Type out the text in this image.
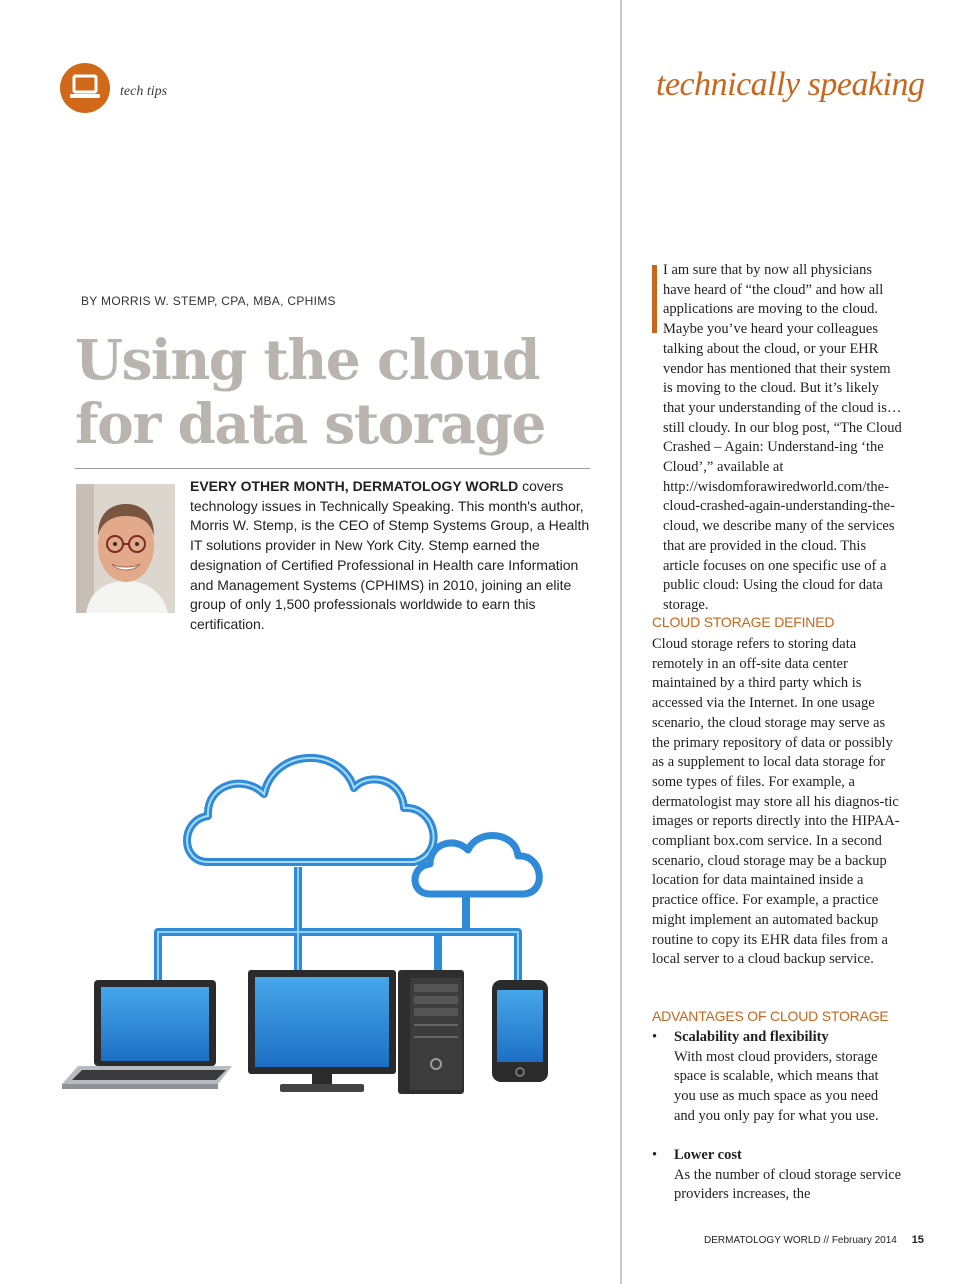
tech tips	technically speaking
BY MORRIS W. STEMP, CPA, MBA, CPHIMS
Using the cloud
for data storage
EVERY OTHER MONTH, DERMATOLOGY WORLD covers technology issues in Technically Speaking. This month's author, Morris W. Stemp, is the CEO of Stemp Systems Group, a Health IT solutions provider in New York City. Stemp earned the designation of Certified Professional in Health care Information and Management Systems (CPHIMS) in 2010, joining an elite group of only 1,500 professionals worldwide to earn this certification.
I am sure that by now all physicians have heard of “the cloud” and how all applications are moving to the cloud. Maybe you’ve heard your colleagues talking about the cloud, or your EHR vendor has mentioned that their system is moving to the cloud. But it’s likely that your understanding of the cloud is…still cloudy. In our blog post, “The Cloud Crashed – Again: Understand-ing ‘the Cloud’,” available at http://wisdomforawiredworld.com/the-cloud-crashed-again-understanding-the-cloud, we describe many of the services that are provided in the cloud. This article focuses on one specific use of a public cloud: Using the cloud for data storage.
CLOUD STORAGE DEFINED
Cloud storage refers to storing data remotely in an off-site data center maintained by a third party which is accessed via the Internet. In one usage scenario, the cloud storage may serve as the primary repository of data or possibly as a supplement to local data storage for some types of files. For example, a dermatologist may store all his diagnos-tic images or reports directly into the HIPAA-compliant box.com service. In a second scenario, cloud storage may be a backup location for data maintained inside a practice office. For example, a practice might implement an automated backup routine to copy its EHR data files from a local server to a cloud backup service.
ADVANTAGES OF CLOUD STORAGE
• Scalability and flexibility
With most cloud providers, storage space is scalable, which means that you use as much space as you need and you only pay for what you use.
• Lower cost
As the number of cloud storage service providers increases, the
DERMATOLOGY WORLD // February 2014 15
